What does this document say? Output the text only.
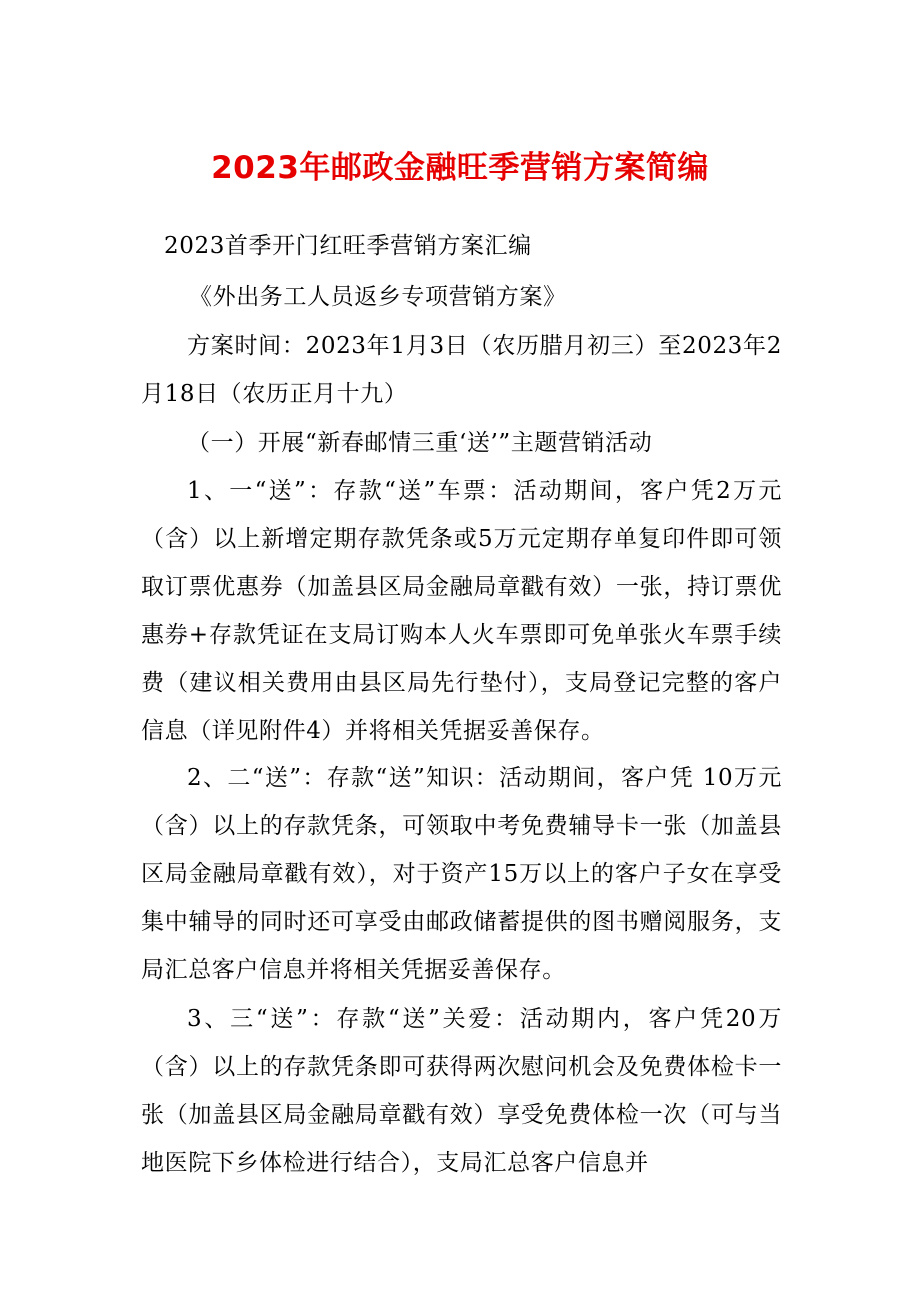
2023年邮政金融旺季营销方案简编

2023首季开门红旺季营销方案汇编

《外出务工人员返乡专项营销方案》

方案时间：2023年1月3日（农历腊月初三）至2023年2月18日（农历正月十九）

（一）开展“新春邮情三重‘送’”主题营销活动

1、一“送”：存款“送”车票：活动期间，客户凭2万元（含）以上新增定期存款凭条或5万元定期存单复印件即可领取订票优惠券（加盖县区局金融局章戳有效）一张，持订票优惠券+存款凭证在支局订购本人火车票即可免单张火车票手续费（建议相关费用由县区局先行垫付），支局登记完整的客户信息（详见附件4）并将相关凭据妥善保存。

2、二“送”：存款“送”知识：活动期间，客户凭 10万元（含）以上的存款凭条，可领取中考免费辅导卡一张（加盖县区局金融局章戳有效），对于资产15万以上的客户子女在享受集中辅导的同时还可享受由邮政储蓄提供的图书赠阅服务，支局汇总客户信息并将相关凭据妥善保存。

3、三“送”：存款“送”关爱：活动期内，客户凭20万（含）以上的存款凭条即可获得两次慰问机会及免费体检卡一张（加盖县区局金融局章戳有效）享受免费体检一次（可与当地医院下乡体检进行结合），支局汇总客户信息并
